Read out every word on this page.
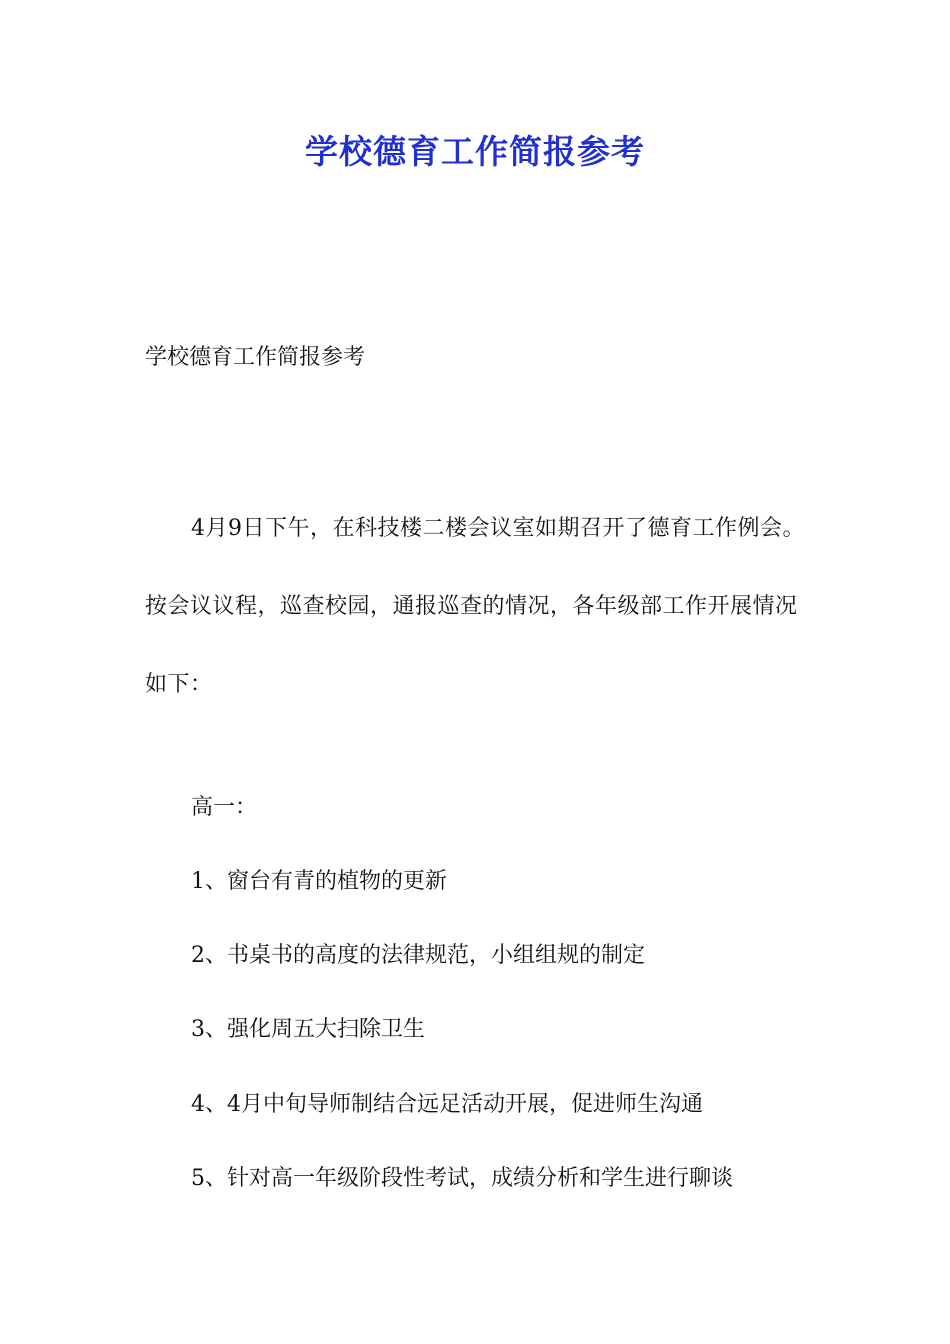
学校德育工作简报参考

学校德育工作简报参考

4月9日下午，在科技楼二楼会议室如期召开了德育工作例会。按会议议程，巡查校园，通报巡查的情况，各年级部工作开展情况如下：

高一：

1、窗台有青的植物的更新

2、书桌书的高度的法律规范，小组组规的制定

3、强化周五大扫除卫生

4、4月中旬导师制结合远足活动开展，促进师生沟通

5、针对高一年级阶段性考试，成绩分析和学生进行聊谈
